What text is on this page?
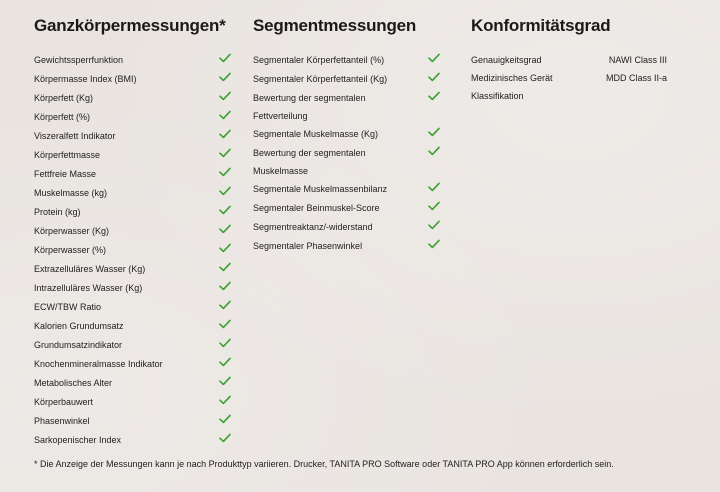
Ganzkörpermessungen*
Gewichtssperrfunktion
Körpermasse Index (BMI)
Körperfett (Kg)
Körperfett (%)
Viszeralfett Indikator
Körperfettmasse
Fettfreie Masse
Muskelmasse (kg)
Protein (kg)
Körperwasser (Kg)
Körperwasser (%)
Extrazelluläres Wasser (Kg)
Intrazelluläres Wasser (Kg)
ECW/TBW Ratio
Kalorien Grundumsatz
Grundumsatzindikator
Knochenmineralmasse Indikator
Metabolisches Alter
Körperbauwert
Phasenwinkel
Sarkopenischer Index
Segmentmessungen
Segmentaler Körperfettanteil (%)
Segmentaler Körperfettanteil (Kg)
Bewertung der segmentalen Fettverteilung
Segmentale Muskelmasse (Kg)
Bewertung der segmentalen Muskelmasse
Segmentale Muskelmassenbilanz
Segmentaler Beinmuskel-Score
Segmentreaktanz/-widerstand
Segmentaler Phasenwinkel
Konformitätsgrad
Genauigkeitsgrad	NAWI Class III
Medizinisches Gerät	MDD Class II-a
Klassifikation

* Die Anzeige der Messungen kann je nach Produkttyp variieren. Drucker, TANITA PRO Software oder TANITA PRO App können erforderlich sein.
